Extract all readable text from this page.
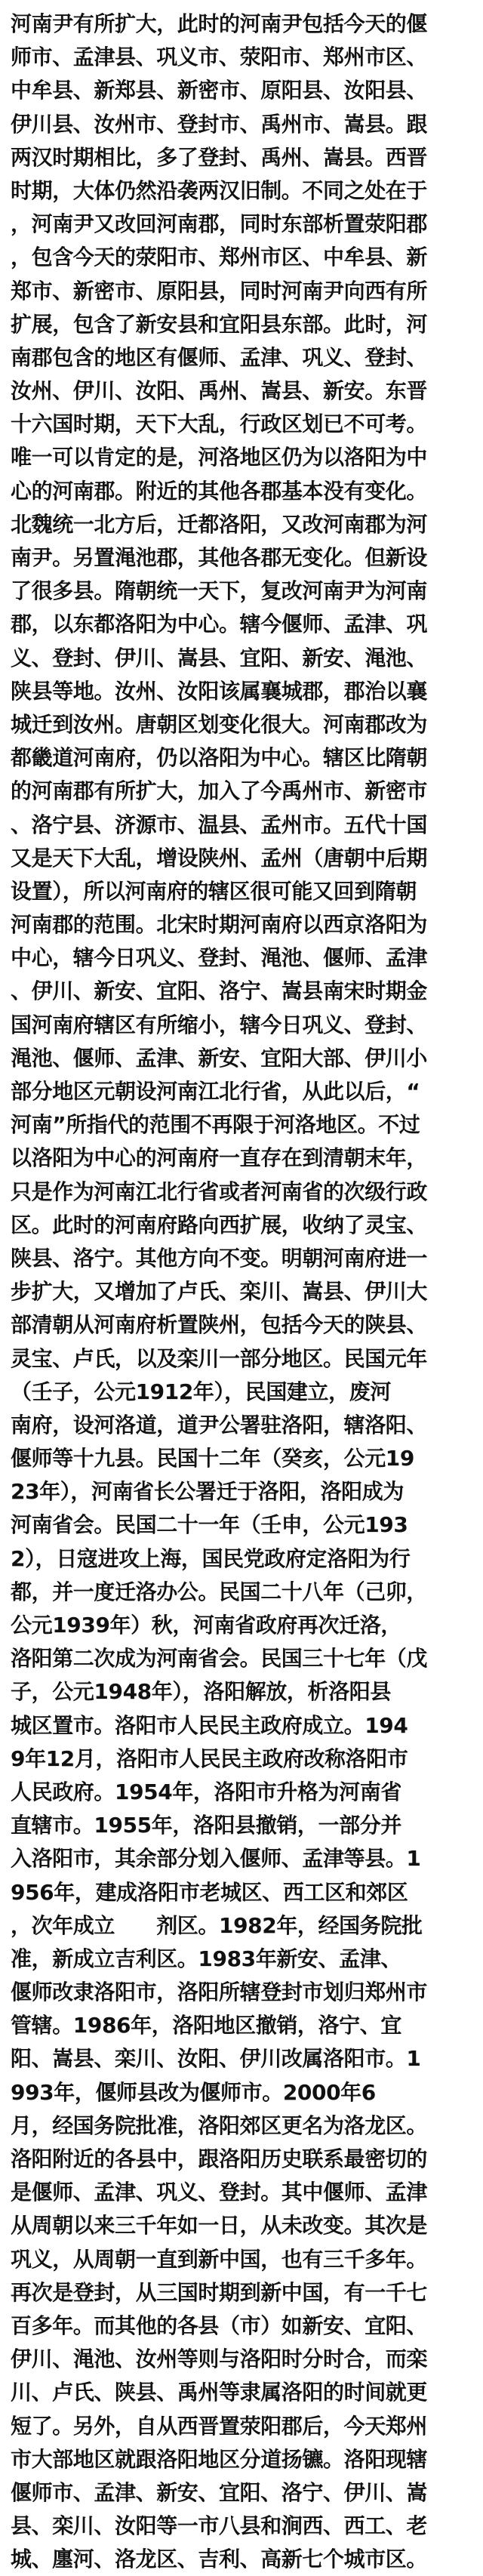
河南尹有所扩大，此时的河南尹包括今天的偃
师市、孟津县、巩义市、荥阳市、郑州市区、
中牟县、新郑县、新密市、原阳县、汝阳县、
伊川县、汝州市、登封市、禹州市、嵩县。跟
两汉时期相比，多了登封、禹州、嵩县。西晋
时期，大体仍然沿袭两汉旧制。不同之处在于
，河南尹又改回河南郡，同时东部析置荥阳郡
，包含今天的荥阳市、郑州市区、中牟县、新
郑市、新密市、原阳县，同时河南尹向西有所
扩展，包含了新安县和宜阳县东部。此时，河
南郡包含的地区有偃师、孟津、巩义、登封、
汝州、伊川、汝阳、禹州、嵩县、新安。东晋
十六国时期，天下大乱，行政区划已不可考。
唯一可以肯定的是，河洛地区仍为以洛阳为中
心的河南郡。附近的其他各郡基本没有变化。
北魏统一北方后，迁都洛阳，又改河南郡为河
南尹。另置渑池郡，其他各郡无变化。但新设
了很多县。隋朝统一天下，复改河南尹为河南
郡，以东都洛阳为中心。辖今偃师、孟津、巩
义、登封、伊川、嵩县、宜阳、新安、渑池、
陕县等地。汝州、汝阳该属襄城郡，郡治以襄
城迁到汝州。唐朝区划变化很大。河南郡改为
都畿道河南府，仍以洛阳为中心。辖区比隋朝
的河南郡有所扩大，加入了今禹州市、新密市
、洛宁县、济源市、温县、孟州市。五代十国
又是天下大乱，增设陕州、孟州（唐朝中后期
设置），所以河南府的辖区很可能又回到隋朝
河南郡的范围。北宋时期河南府以西京洛阳为
中心，辖今日巩义、登封、渑池、偃师、孟津
、伊川、新安、宜阳、洛宁、嵩县南宋时期金
国河南府辖区有所缩小，辖今日巩义、登封、
渑池、偃师、孟津、新安、宜阳大部、伊川小
部分地区元朝设河南江北行省，从此以后，“
河南”所指代的范围不再限于河洛地区。不过
以洛阳为中心的河南府一直存在到清朝末年，
只是作为河南江北行省或者河南省的次级行政
区。此时的河南府路向西扩展，收纳了灵宝、
陕县、洛宁。其他方向不变。明朝河南府进一
步扩大，又增加了卢氏、栾川、嵩县、伊川大
部清朝从河南府析置陕州，包括今天的陕县、
灵宝、卢氏，以及栾川一部分地区。民国元年
（壬子，公元1912年），民国建立，废河
南府，设河洛道，道尹公署驻洛阳，辖洛阳、
偃师等十九县。民国十二年（癸亥，公元19
23年），河南省长公署迁于洛阳，洛阳成为
河南省会。民国二十一年（壬申，公元193
2），日寇进攻上海，国民党政府定洛阳为行
都，并一度迁洛办公。民国二十八年（己卯，
公元1939年）秋，河南省政府再次迁洛，
洛阳第二次成为河南省会。民国三十七年（戊
子，公元1948年），洛阳解放，析洛阳县
城区置市。洛阳市人民民主政府成立。194
9年12月，洛阳市人民民主政府改称洛阳市
人民政府。1954年，洛阳市升格为河南省
直辖市。1955年，洛阳县撤销，一部分并
入洛阳市，其余部分划入偃师、孟津等县。1
956年，建成洛阳市老城区、西工区和郊区
，次年成立　　剂区。1982年，经国务院批
准，新成立吉利区。1983年新安、孟津、
偃师改隶洛阳市，洛阳所辖登封市划归郑州市
管辖。1986年，洛阳地区撤销，洛宁、宜
阳、嵩县、栾川、汝阳、伊川改属洛阳市。1
993年，偃师县改为偃师市。2000年6
月，经国务院批准，洛阳郊区更名为洛龙区。
洛阳附近的各县中，跟洛阳历史联系最密切的
是偃师、孟津、巩义、登封。其中偃师、孟津
从周朝以来三千年如一日，从未改变。其次是
巩义，从周朝一直到新中国，也有三千多年。
再次是登封，从三国时期到新中国，有一千七
百多年。而其他的各县（市）如新安、宜阳、
伊川、渑池、汝州等则与洛阳时分时合，而栾
川、卢氏、陕县、禹州等隶属洛阳的时间就更
短了。另外，自从西晋置荥阳郡后，今天郑州
市大部地区就跟洛阳地区分道扬镳。洛阳现辖
偃师市、孟津、新安、宜阳、洛宁、伊川、嵩
县、栾川、汝阳等一市八县和涧西、西工、老
城、廛河、洛龙区、吉利、高新七个城市区。
